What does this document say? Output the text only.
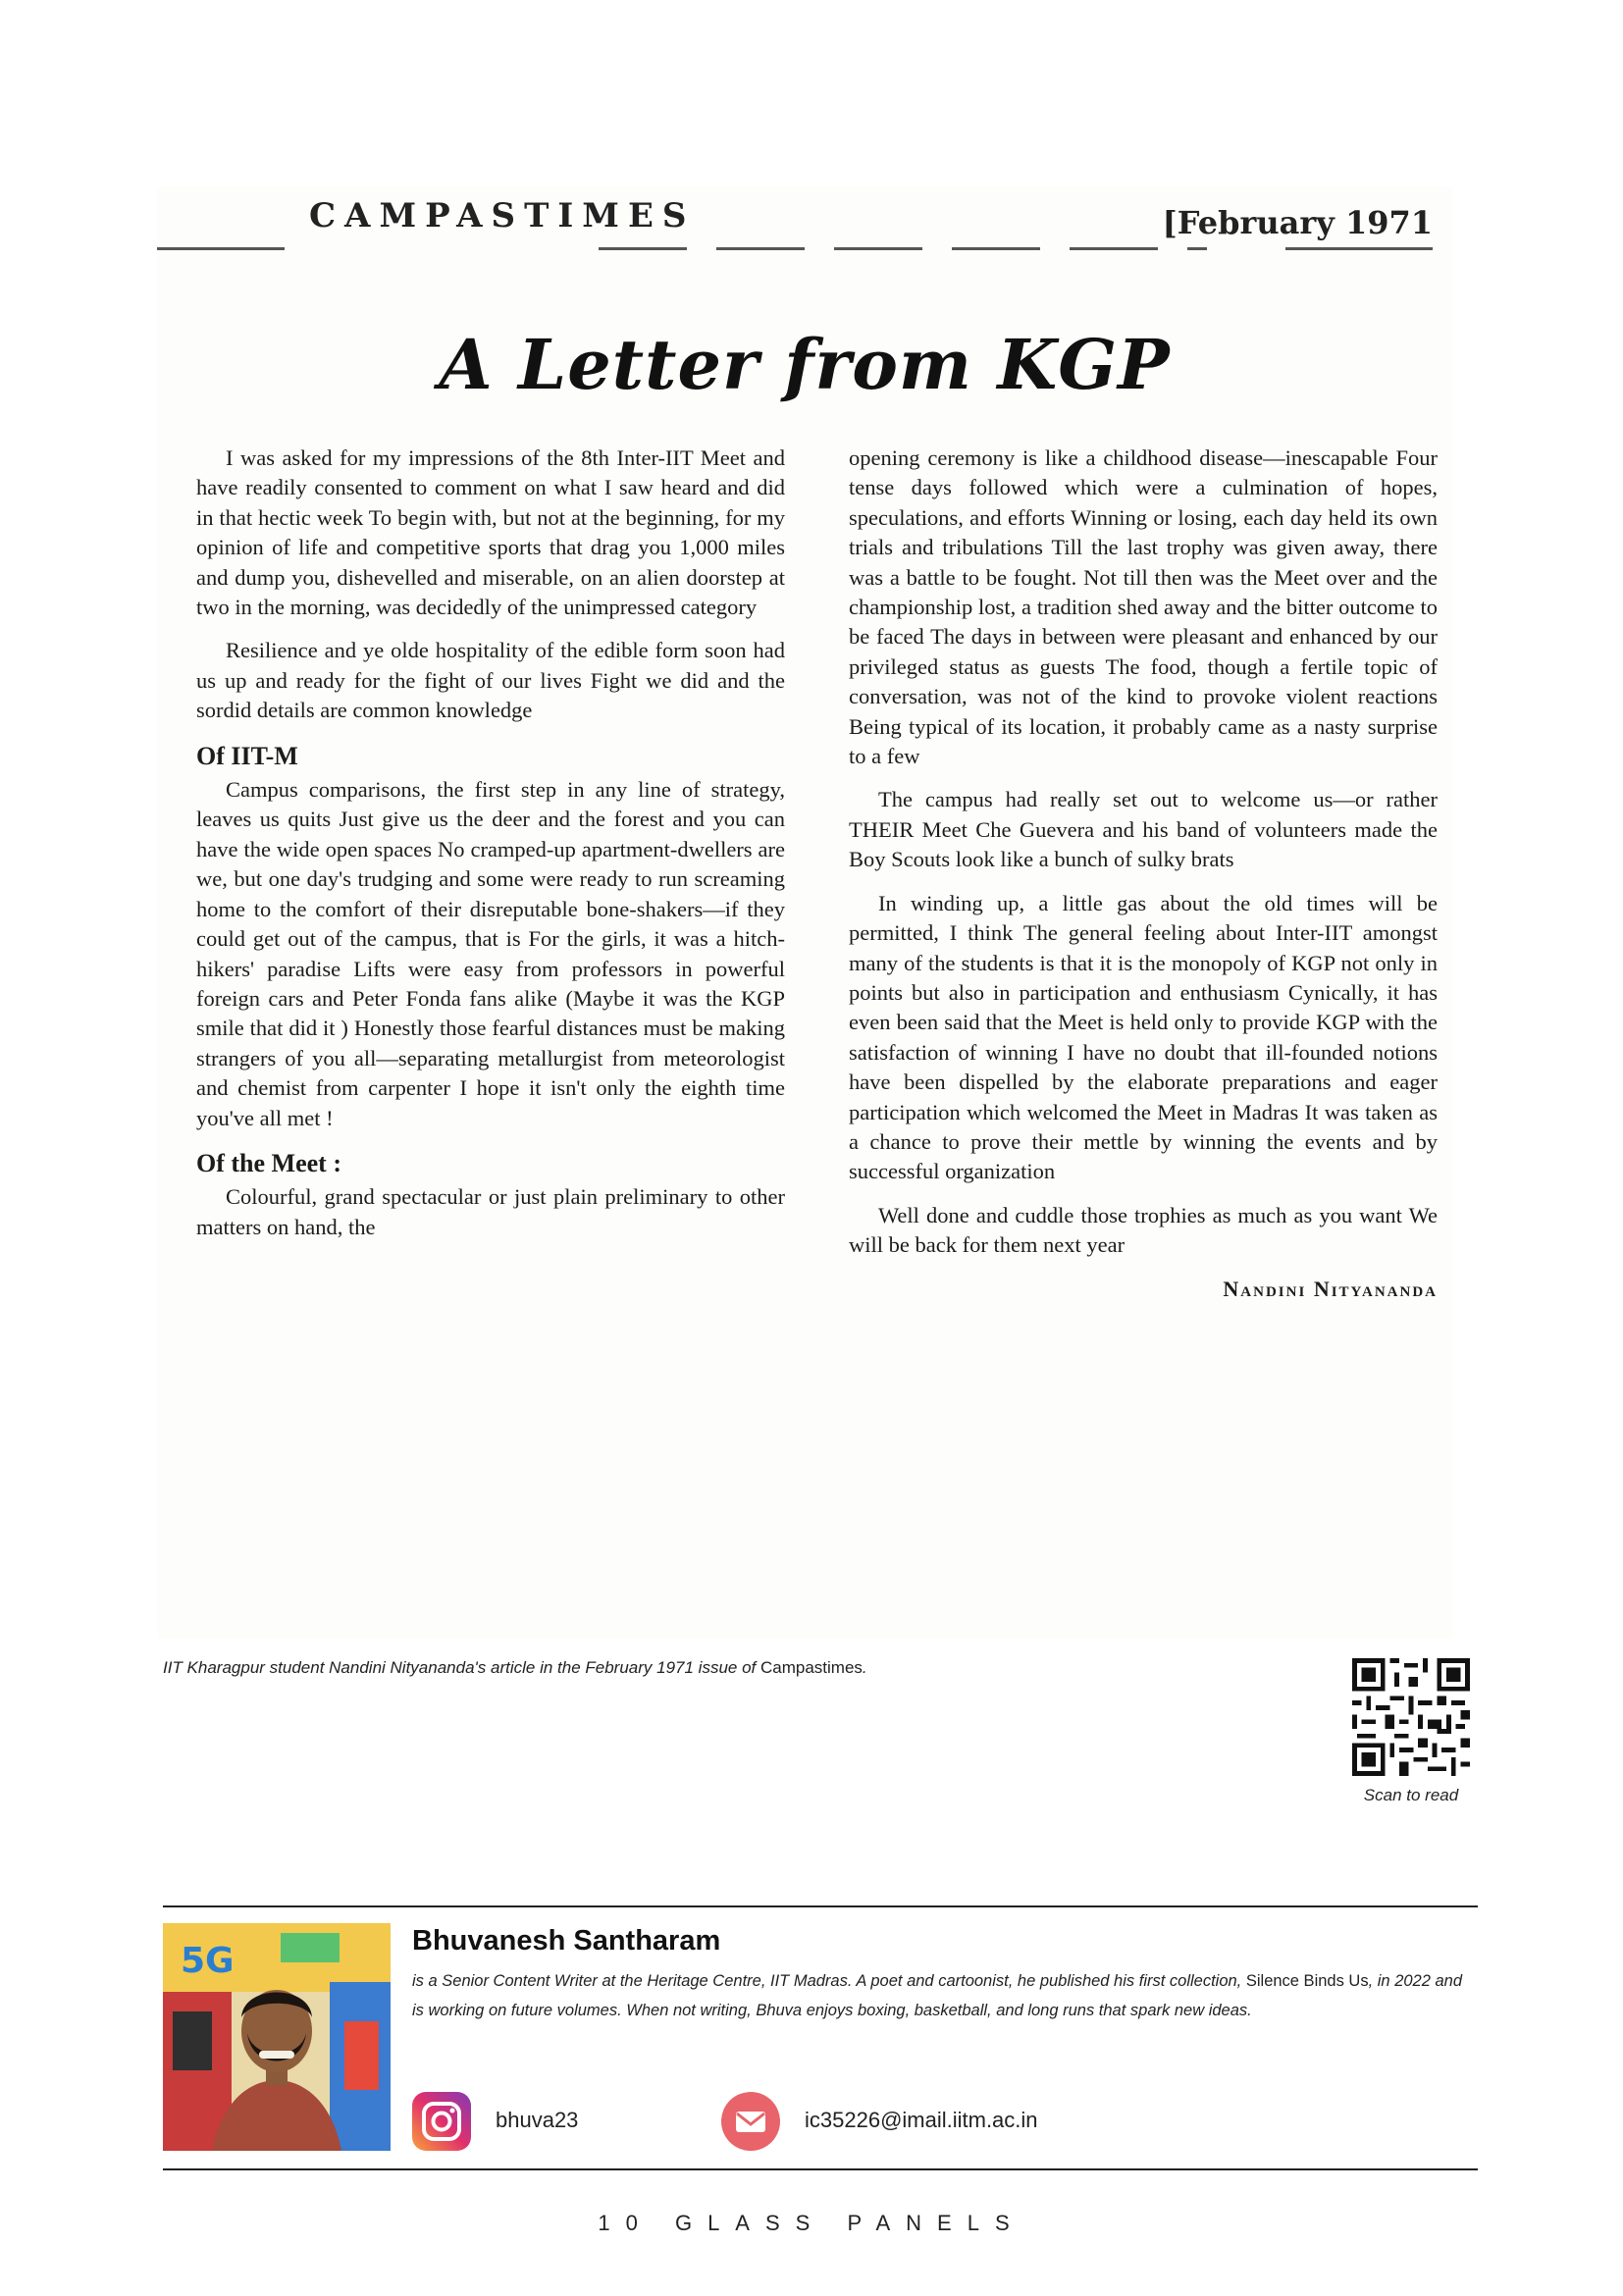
CAMPASTIMES	[February 1971
A Letter from KGP

I was asked for my impressions of the 8th Inter-IIT Meet and have readily consented to comment on what I saw heard and did in that hectic week To begin with, but not at the beginning, for my opinion of life and competitive sports that drag you 1,000 miles and dump you, dishevelled and miserable, on an alien doorstep at two in the morning, was decidedly of the unimpressed category

Resilience and ye olde hospitality of the edible form soon had us up and ready for the fight of our lives Fight we did and the sordid details are common knowledge

Of IIT-M

Campus comparisons, the first step in any line of strategy, leaves us quits Just give us the deer and the forest and you can have the wide open spaces No cramped-up apartment-dwellers are we, but one day's trudging and some were ready to run screaming home to the comfort of their disreputable bone-shakers—if they could get out of the campus, that is For the girls, it was a hitch-hikers' paradise Lifts were easy from professors in powerful foreign cars and Peter Fonda fans alike (Maybe it was the KGP smile that did it ) Honestly those fearful distances must be making strangers of you all—separating metallurgist from meteorologist and chemist from carpenter I hope it isn't only the eighth time you've all met !

Of the Meet :

Colourful, grand spectacular or just plain preliminary to other matters on hand, the

opening ceremony is like a childhood disease—inescapable Four tense days followed which were a culmination of hopes, speculations, and efforts Winning or losing, each day held its own trials and tribulations Till the last trophy was given away, there was a battle to be fought. Not till then was the Meet over and the championship lost, a tradition shed away and the bitter outcome to be faced The days in between were pleasant and enhanced by our privileged status as guests The food, though a fertile topic of conversation, was not of the kind to provoke violent reactions Being typical of its location, it probably came as a nasty surprise to a few

The campus had really set out to welcome us—or rather THEIR Meet Che Guevera and his band of volunteers made the Boy Scouts look like a bunch of sulky brats

In winding up, a little gas about the old times will be permitted, I think The general feeling about Inter-IIT amongst many of the students is that it is the monopoly of KGP not only in points but also in participation and enthusiasm Cynically, it has even been said that the Meet is held only to provide KGP with the satisfaction of winning I have no doubt that ill-founded notions have been dispelled by the elaborate preparations and eager participation which welcomed the Meet in Madras It was taken as a chance to prove their mettle by winning the events and by successful organization

Well done and cuddle those trophies as much as you want We will be back for them next year

Nandini Nityananda
IIT Kharagpur student Nandini Nityananda's article in the February 1971 issue of Campastimes.
Scan to read
5G	Bhuvanesh Santharam
is a Senior Content Writer at the Heritage Centre, IIT Madras. A poet and cartoonist, he published his first collection, Silence Binds Us, in 2022 and is working on future volumes. When not writing, Bhuva enjoys boxing, basketball, and long runs that spark new ideas.
bhuva23	ic35226@imail.iitm.ac.in
10 GLASS PANELS
